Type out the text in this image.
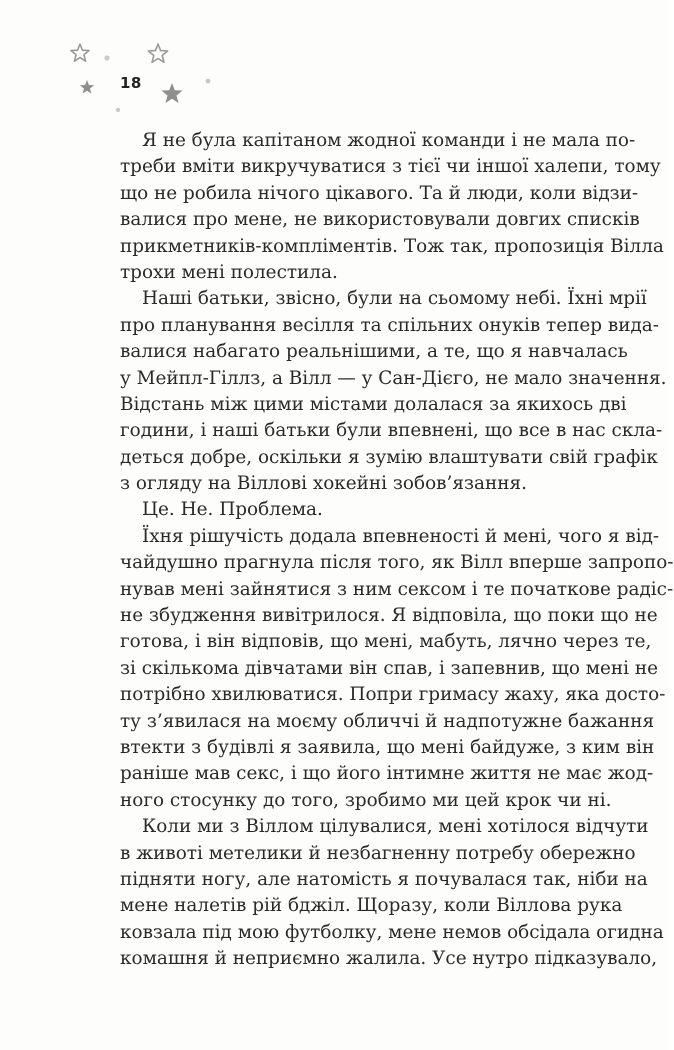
18
Я не була капітаном жодної команди і не мала по-
треби вміти викручуватися з тієї чи іншої халепи, тому
що не робила нічого цікавого. Та й люди, коли відзи-
валися про мене, не використовували довгих списків
прикметників-компліментів. Тож так, пропозиція Вілла
трохи мені полестила.
Наші батьки, звісно, були на сьомому небі. Їхні мрії
про планування весілля та спільних онуків тепер вида-
валися набагато реальнішими, а те, що я навчалась
у Мейпл-Гіллз, а Вілл — у Сан-Дієго, не мало значення.
Відстань між цими містами долалася за якихось дві
години, і наші батьки були впевнені, що все в нас скла-
деться добре, оскільки я зумію влаштувати свій графік
з огляду на Віллові хокейні зобов’язання.
Це. Не. Проблема.
Їхня рішучість додала впевненості й мені, чого я від-
чайдушно прагнула після того, як Вілл вперше запропо-
нував мені зайнятися з ним сексом і те початкове радіс-
не збудження вивітрилося. Я відповіла, що поки що не
готова, і він відповів, що мені, мабуть, лячно через те,
зі скількома дівчатами він спав, і запевнив, що мені не
потрібно хвилюватися. Попри гримасу жаху, яка досто-
ту з’явилася на моєму обличчі й надпотужне бажання
втекти з будівлі я заявила, що мені байдуже, з ким він
раніше мав секс, і що його інтимне життя не має жод-
ного стосунку до того, зробимо ми цей крок чи ні.
Коли ми з Віллом цілувалися, мені хотілося відчути
в животі метелики й незбагненну потребу обережно
підняти ногу, але натомість я почувалася так, ніби на
мене налетів рій бджіл. Щоразу, коли Віллова рука
ковзала під мою футболку, мене немов обсідала огидна
комашня й неприємно жалила. Усе нутро підказувало,
